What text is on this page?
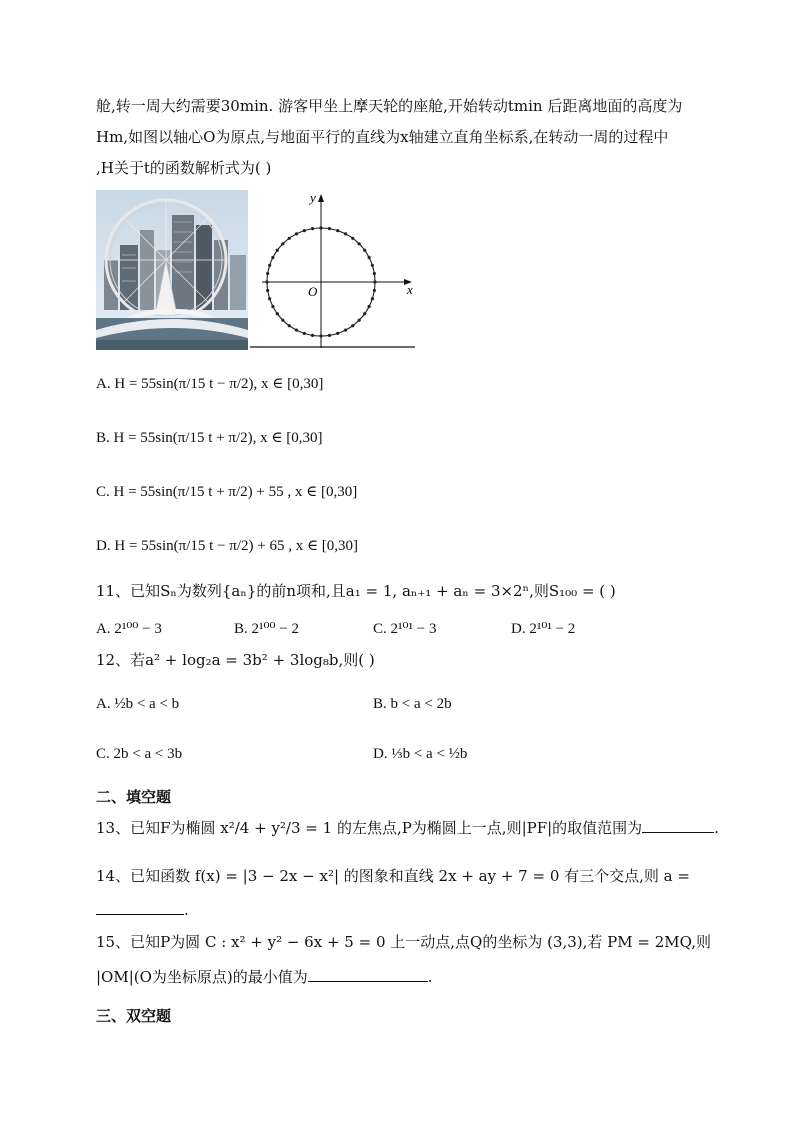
舱,转一周大约需要30min. 游客甲坐上摩天轮的座舱,开始转动tmin 后距离地面的高度为
Hm,如图以轴心O为原点,与地面平行的直线为x轴建立直角坐标系,在转动一周的过程中
,H关于t的函数解析式为( )
y
x
O
A. H = 55sin(π/15 t − π/2), x ∈ [0,30]
B. H = 55sin(π/15 t + π/2), x ∈ [0,30]
C. H = 55sin(π/15 t + π/2) + 55 , x ∈ [0,30]
D. H = 55sin(π/15 t − π/2) + 65 , x ∈ [0,30]
11、已知Sₙ为数列{aₙ}的前n项和,且a₁ = 1, aₙ₊₁ + aₙ = 3×2ⁿ,则S₁₀₀ = ( )
A. 2¹⁰⁰ − 3	B. 2¹⁰⁰ − 2	C. 2¹⁰¹ − 3	D. 2¹⁰¹ − 2
12、若a² + log₂a = 3b² + 3log₈b,则( )
A. ½b < a < b	B. b < a < 2b
C. 2b < a < 3b	D. ⅓b < a < ½b
二、填空题
13、已知F为椭圆 x²/4 + y²/3 = 1 的左焦点,P为椭圆上一点,则|PF|的取值范围为	.
14、已知函数 f(x) = |3 − 2x − x²| 的图象和直线 2x + ay + 7 = 0 有三个交点,则 a =
.
15、已知P为圆 C : x² + y² − 6x + 5 = 0 上一动点,点Q的坐标为 (3,3),若 PM = 2MQ,则
|OM|(O为坐标原点)的最小值为	.
三、双空题
